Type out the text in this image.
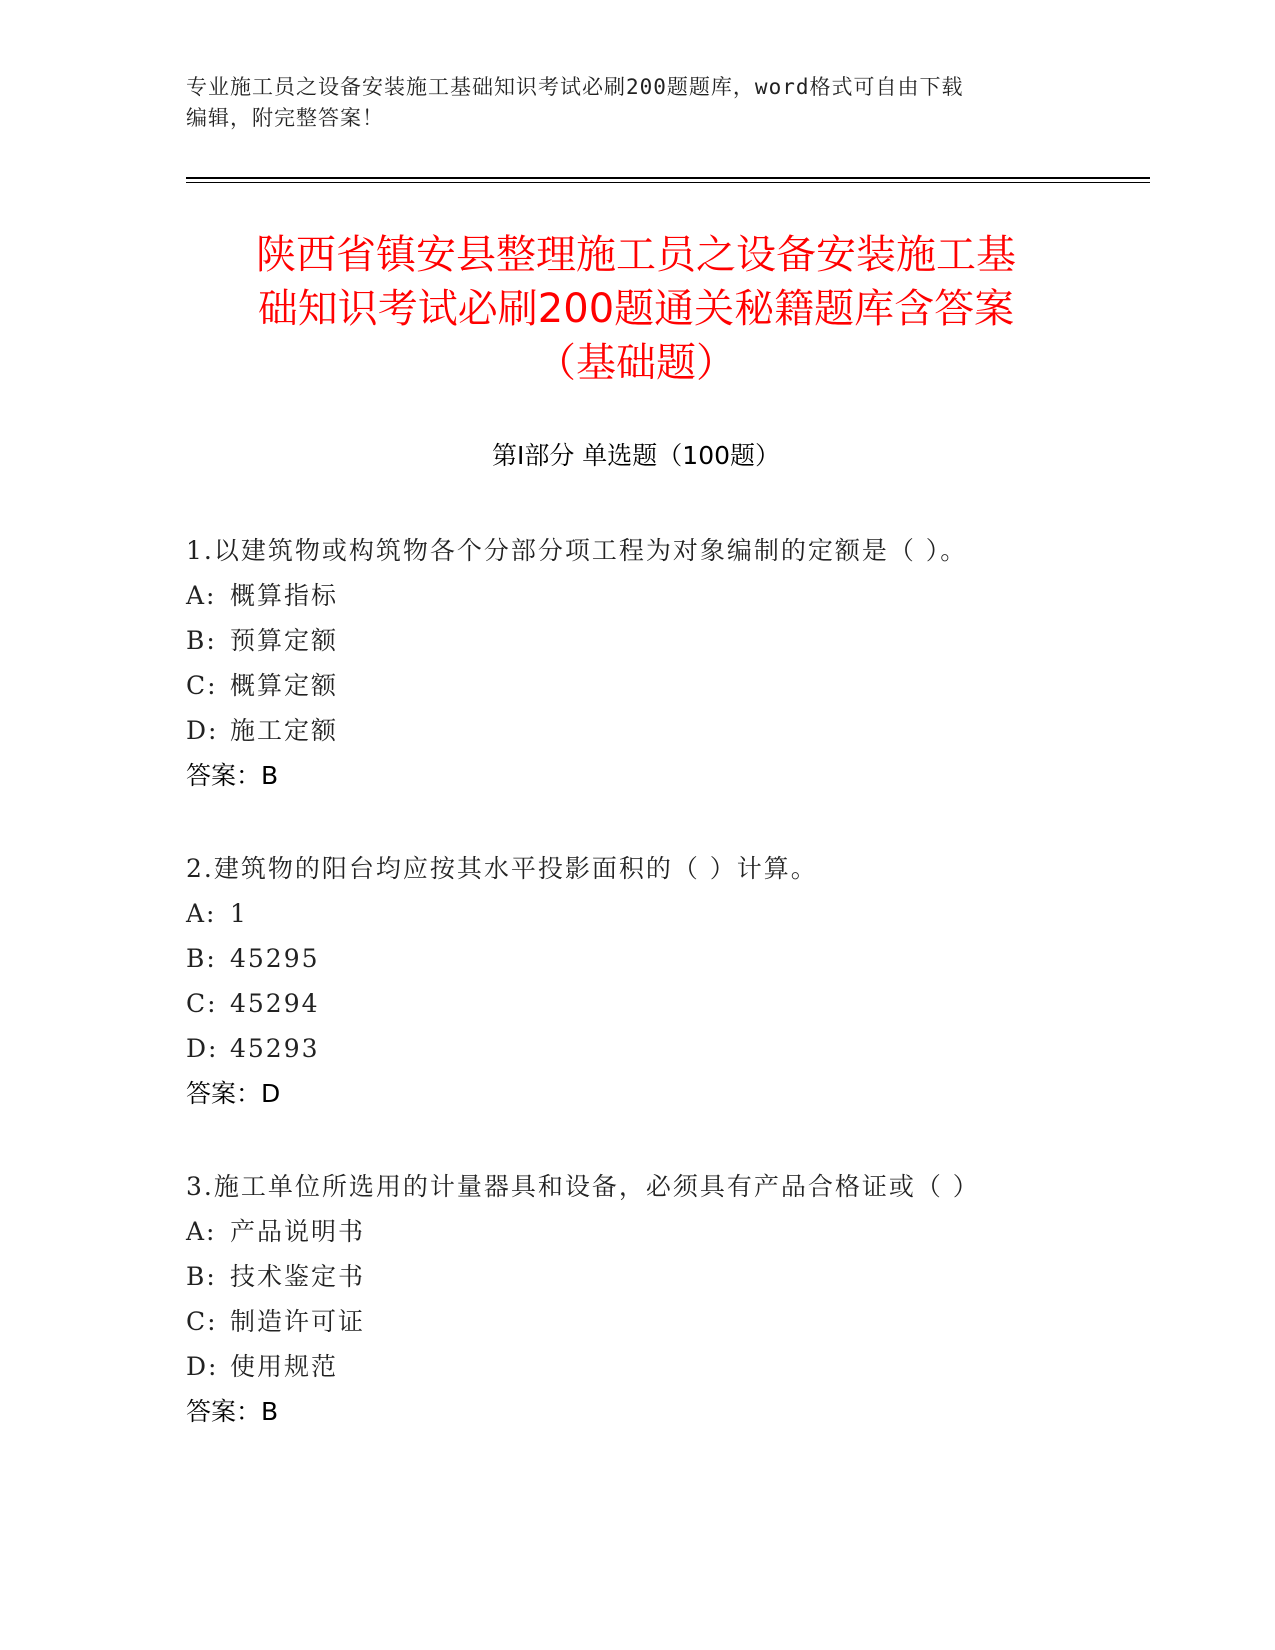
专业施工员之设备安装施工基础知识考试必刷200题题库，word格式可自由下载
编辑，附完整答案！
陕西省镇安县整理施工员之设备安装施工基
础知识考试必刷200题通关秘籍题库含答案
（基础题）
第Ⅰ部分 单选题（100题）
1.以建筑物或构筑物各个分部分项工程为对象编制的定额是（ ）。
A: 概算指标
B: 预算定额
C: 概算定额
D: 施工定额
答案：B
2.建筑物的阳台均应按其水平投影面积的（ ）计算。
A: 1
B: 45295
C: 45294
D: 45293
答案：D
3.施工单位所选用的计量器具和设备，必须具有产品合格证或（ ）
A: 产品说明书
B: 技术鉴定书
C: 制造许可证
D: 使用规范
答案：B
